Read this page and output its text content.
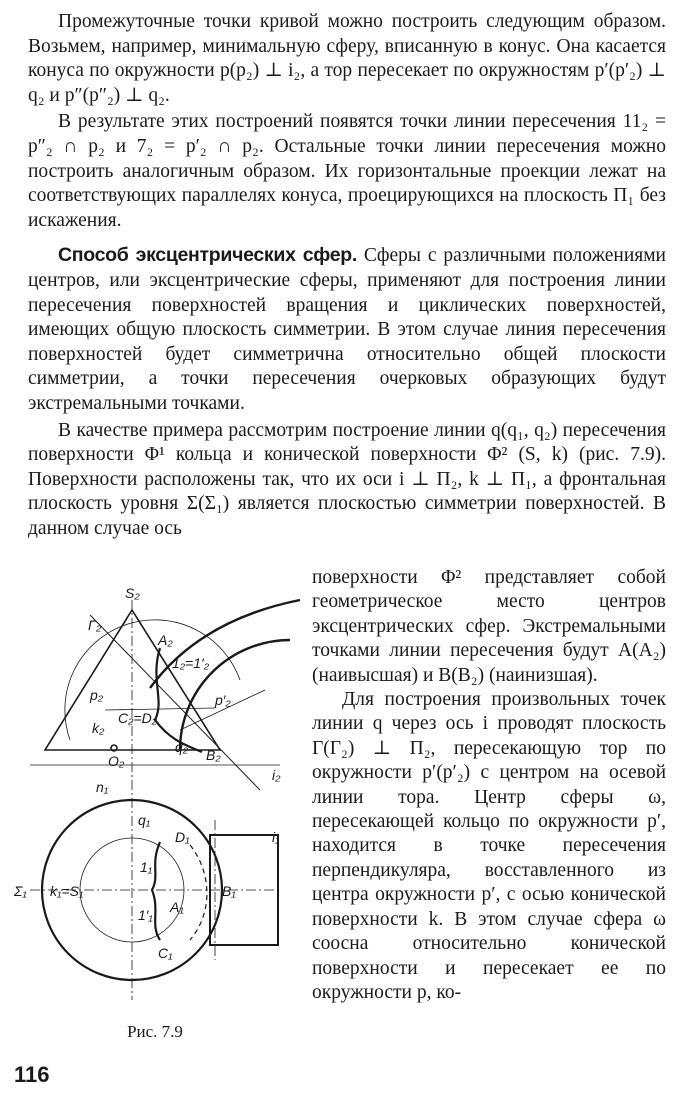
Промежуточные точки кривой можно построить следующим образом. Возьмем, например, минимальную сферу, вписанную в конус. Она касается конуса по окружности p(p₂) ⊥ i₂, а тор пересекает по окружностям p′(p′₂) ⊥ q₂ и p″(p″₂) ⊥ q₂.

В результате этих построений появятся точки линии пересечения 11₂ = p″₂ ∩ p₂ и 7₂ = p′₂ ∩ p₂. Остальные точки линии пересечения можно построить аналогичным образом. Их горизонтальные проекции лежат на соответствующих параллелях конуса, проецирующихся на плоскость Π₁ без искажения.

Способ эксцентрических сфер. Сферы с различными положениями центров, или эксцентрические сферы, применяют для построения линии пересечения поверхностей вращения и циклических поверхностей, имеющих общую плоскость симметрии. В этом случае линия пересечения поверхностей будет симметрична относительно общей плоскости симметрии, а точки пересечения очерковых образующих будут экстремальными точками.

В качестве примера рассмотрим построение линии q(q₁, q₂) пересечения поверхности Φ¹ кольца и конической поверхности Φ² (S, k) (рис. 7.9). Поверхности расположены так, что их оси i ⊥ Π₂, k ⊥ Π₁, а фронтальная плоскость уровня Σ(Σ₁) является плоскостью симметрии поверхностей. В данном случае ось

поверхности Φ² представляет собой геометрическое место центров эксцентрических сфер. Экстремальными точками линии пересечения будут A(A₂) (наивысшая) и B(B₂) (наинизшая).

Для построения произвольных точек линии q через ось i проводят плоскость Γ(Γ₂) ⊥ Π₂, пересекающую тор по окружности p′(p′₂) с центром на осевой линии тора. Центр сферы ω, пересекающей кольцо по окружности p′, находится в точке пересечения перпендикуляра, восставленного из центра окружности p′, с осью конической поверхности k. В этом случае сфера ω соосна относительно конической поверхности и пересекает ее по окружности p, ко-

S₂
Γ₂
A₂
1₂=1′₂
p₂	p′₂
k₂
C₂=D₂
q₂ B₂
O₂
i₂
n₁
q₁
D₁	i₁
Σ₁ k₁=S₁
1₁
B₁
A₁
1′₁
C₁
Рис. 7.9
116
